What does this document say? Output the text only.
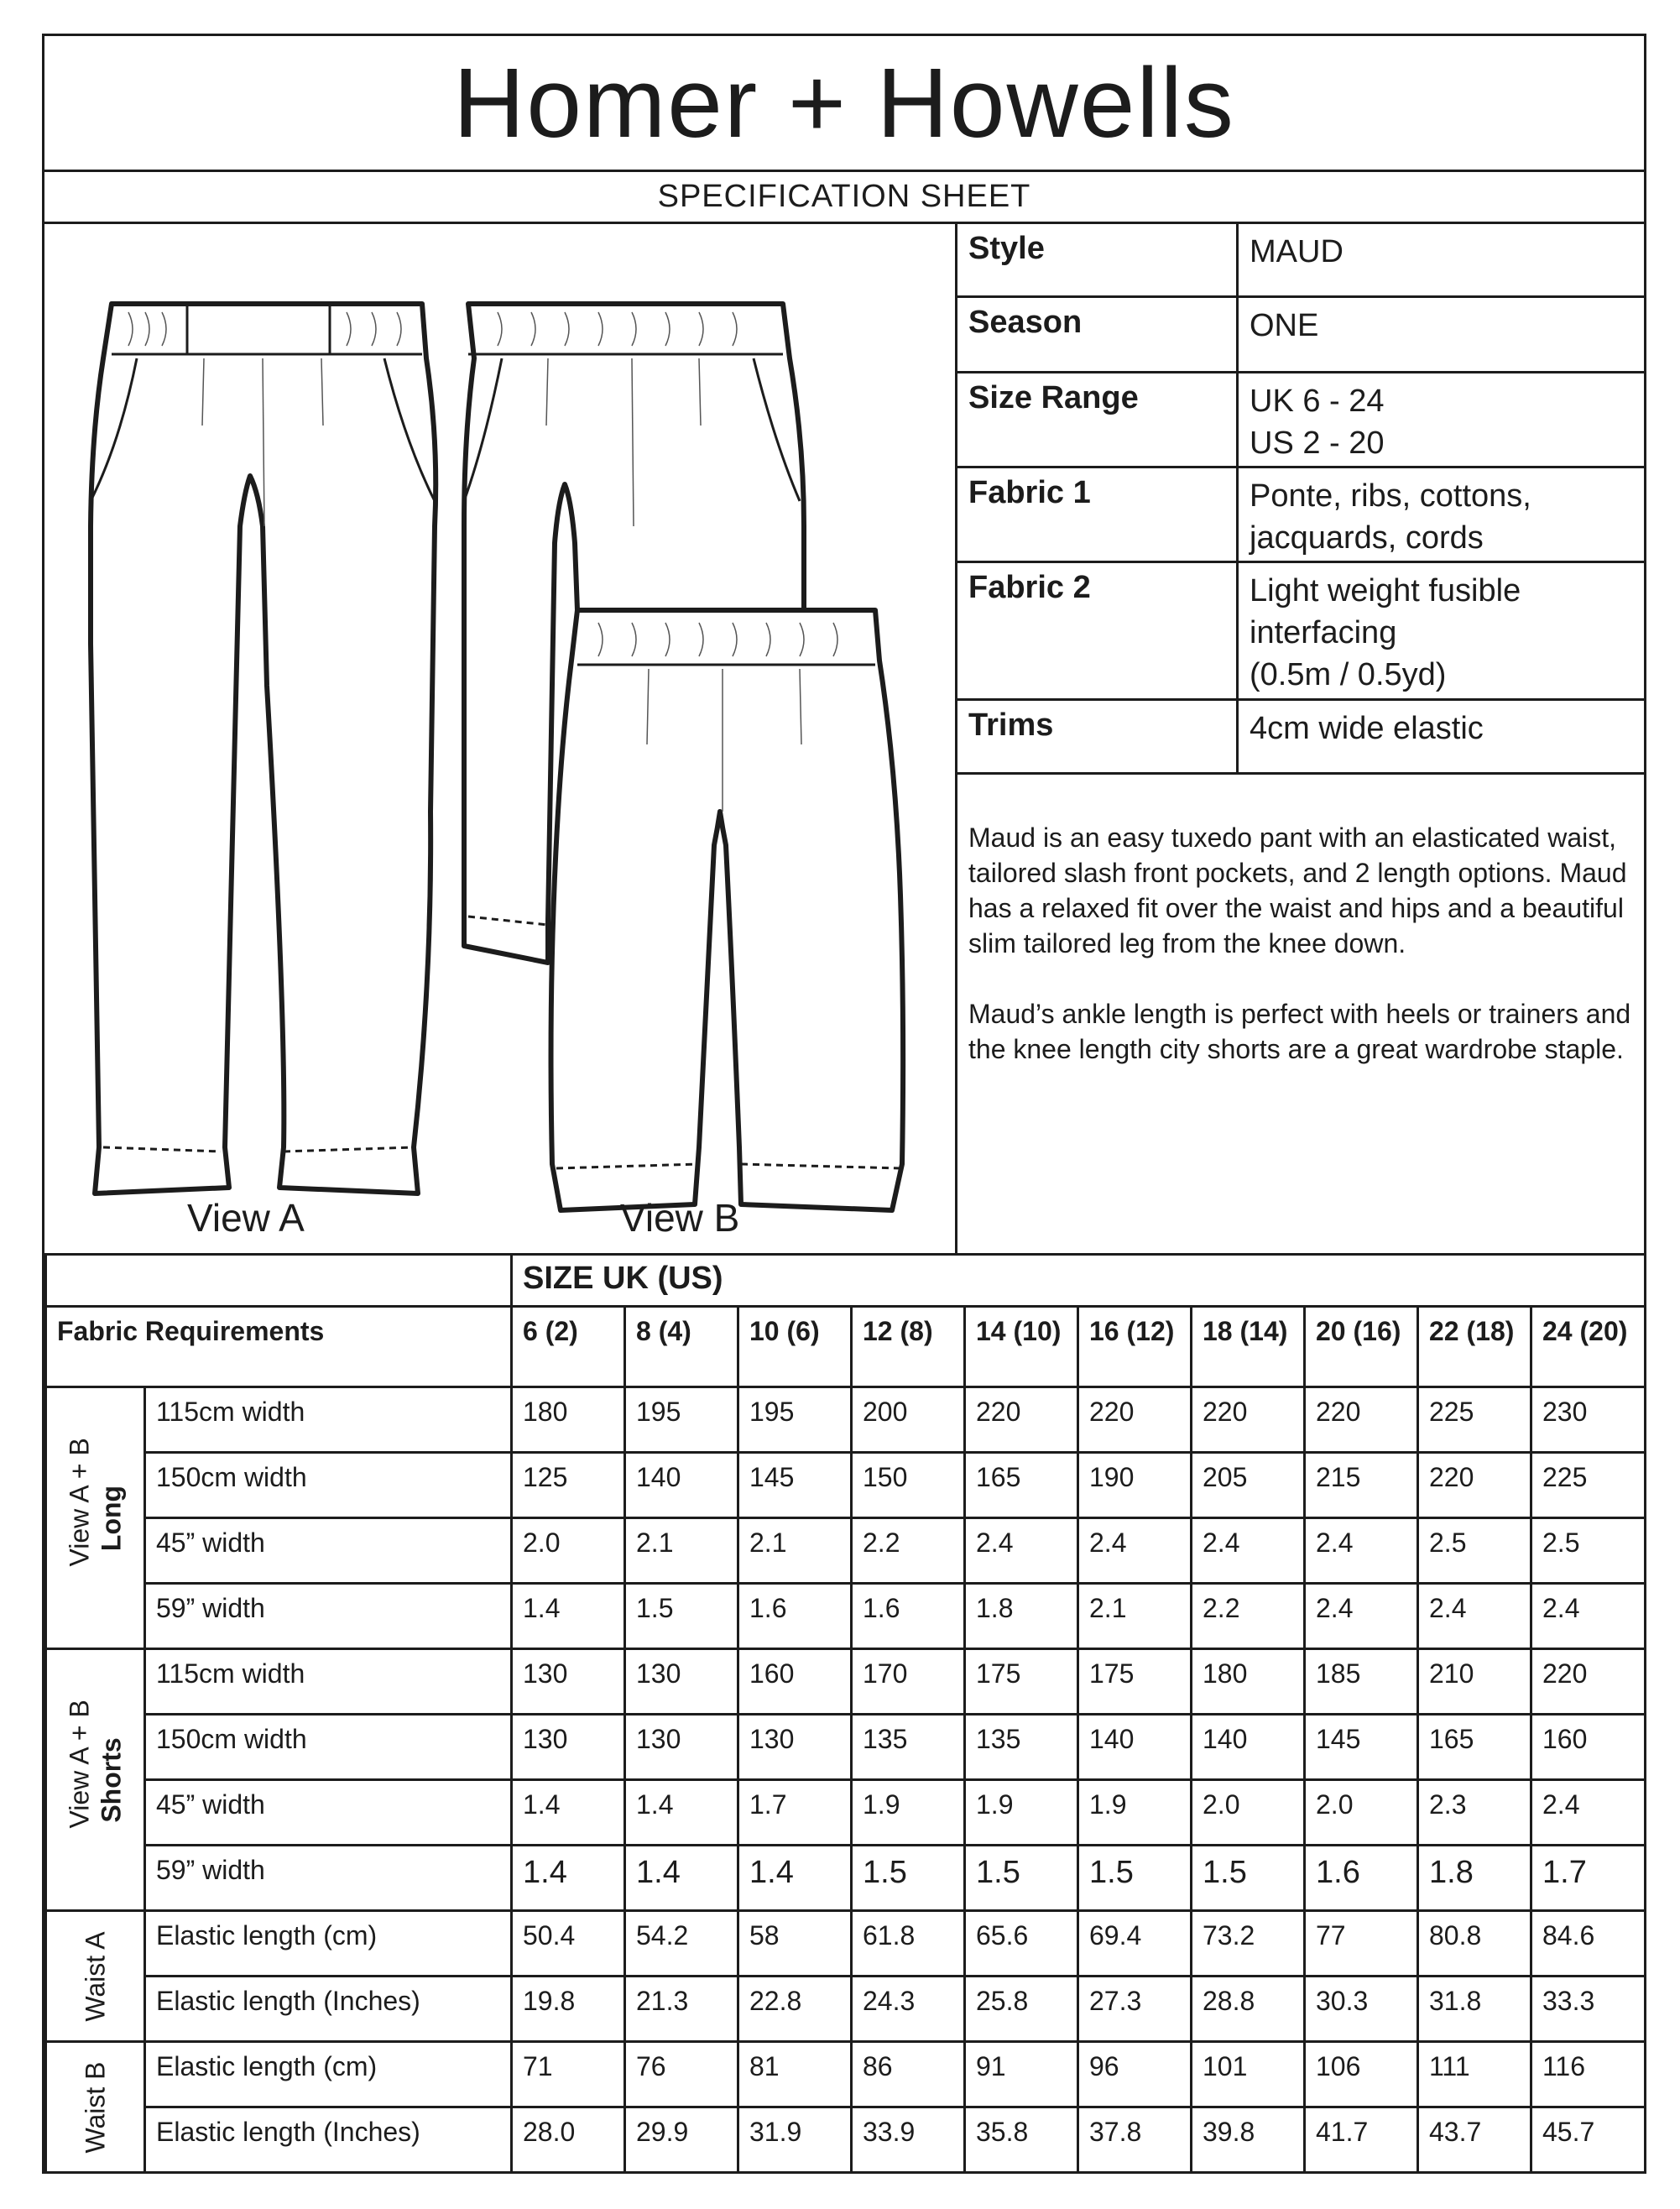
Homer + Howells
SPECIFICATION SHEET
View A	View B
Style	MAUD
Season	ONE
Size Range	UK 6 - 24
US 2 - 20
Fabric 1	Ponte, ribs, cottons,
jacquards, cords
Fabric 2	Light weight fusible
interfacing
(0.5m / 0.5yd)
Trims	4cm wide elastic

Maud is an easy tuxedo pant with an elasticated waist, tailored slash front pockets, and 2 length options. Maud has a relaxed fit over the waist and hips and a beautiful slim tailored leg from the knee down.

Maud’s ankle length is perfect with heels or trainers and the knee length city shorts are a great wardrobe staple.

		SIZE UK (US)									
Fabric Requirements		6 (2)	8 (4)	10 (6)	12 (8)	14 (10)	16 (12)	18 (14)	20 (16)	22 (18)	24 (20)

View A + B Long	115cm width	180	195	195	200	220	220	220	220	225	230
	150cm width	125	140	145	150	165	190	205	215	220	225
	45” width	2.0	2.1	2.1	2.2	2.4	2.4	2.4	2.4	2.5	2.5
	59” width	1.4	1.5	1.6	1.6	1.8	2.1	2.2	2.4	2.4	2.4

View A + B Shorts	115cm width	130	130	160	170	175	175	180	185	210	220
	150cm width	130	130	130	135	135	140	140	145	165	160
	45” width	1.4	1.4	1.7	1.9	1.9	1.9	2.0	2.0	2.3	2.4
	59” width	1.4	1.4	1.4	1.5	1.5	1.5	1.5	1.6	1.8	1.7

Waist A	Elastic length (cm)	50.4	54.2	58	61.8	65.6	69.4	73.2	77	80.8	84.6
	Elastic length (Inches)	19.8	21.3	22.8	24.3	25.8	27.3	28.8	30.3	31.8	33.3

Waist B	Elastic length (cm)	71	76	81	86	91	96	101	106	111	116
	Elastic length (Inches)	28.0	29.9	31.9	33.9	35.8	37.8	39.8	41.7	43.7	45.7
